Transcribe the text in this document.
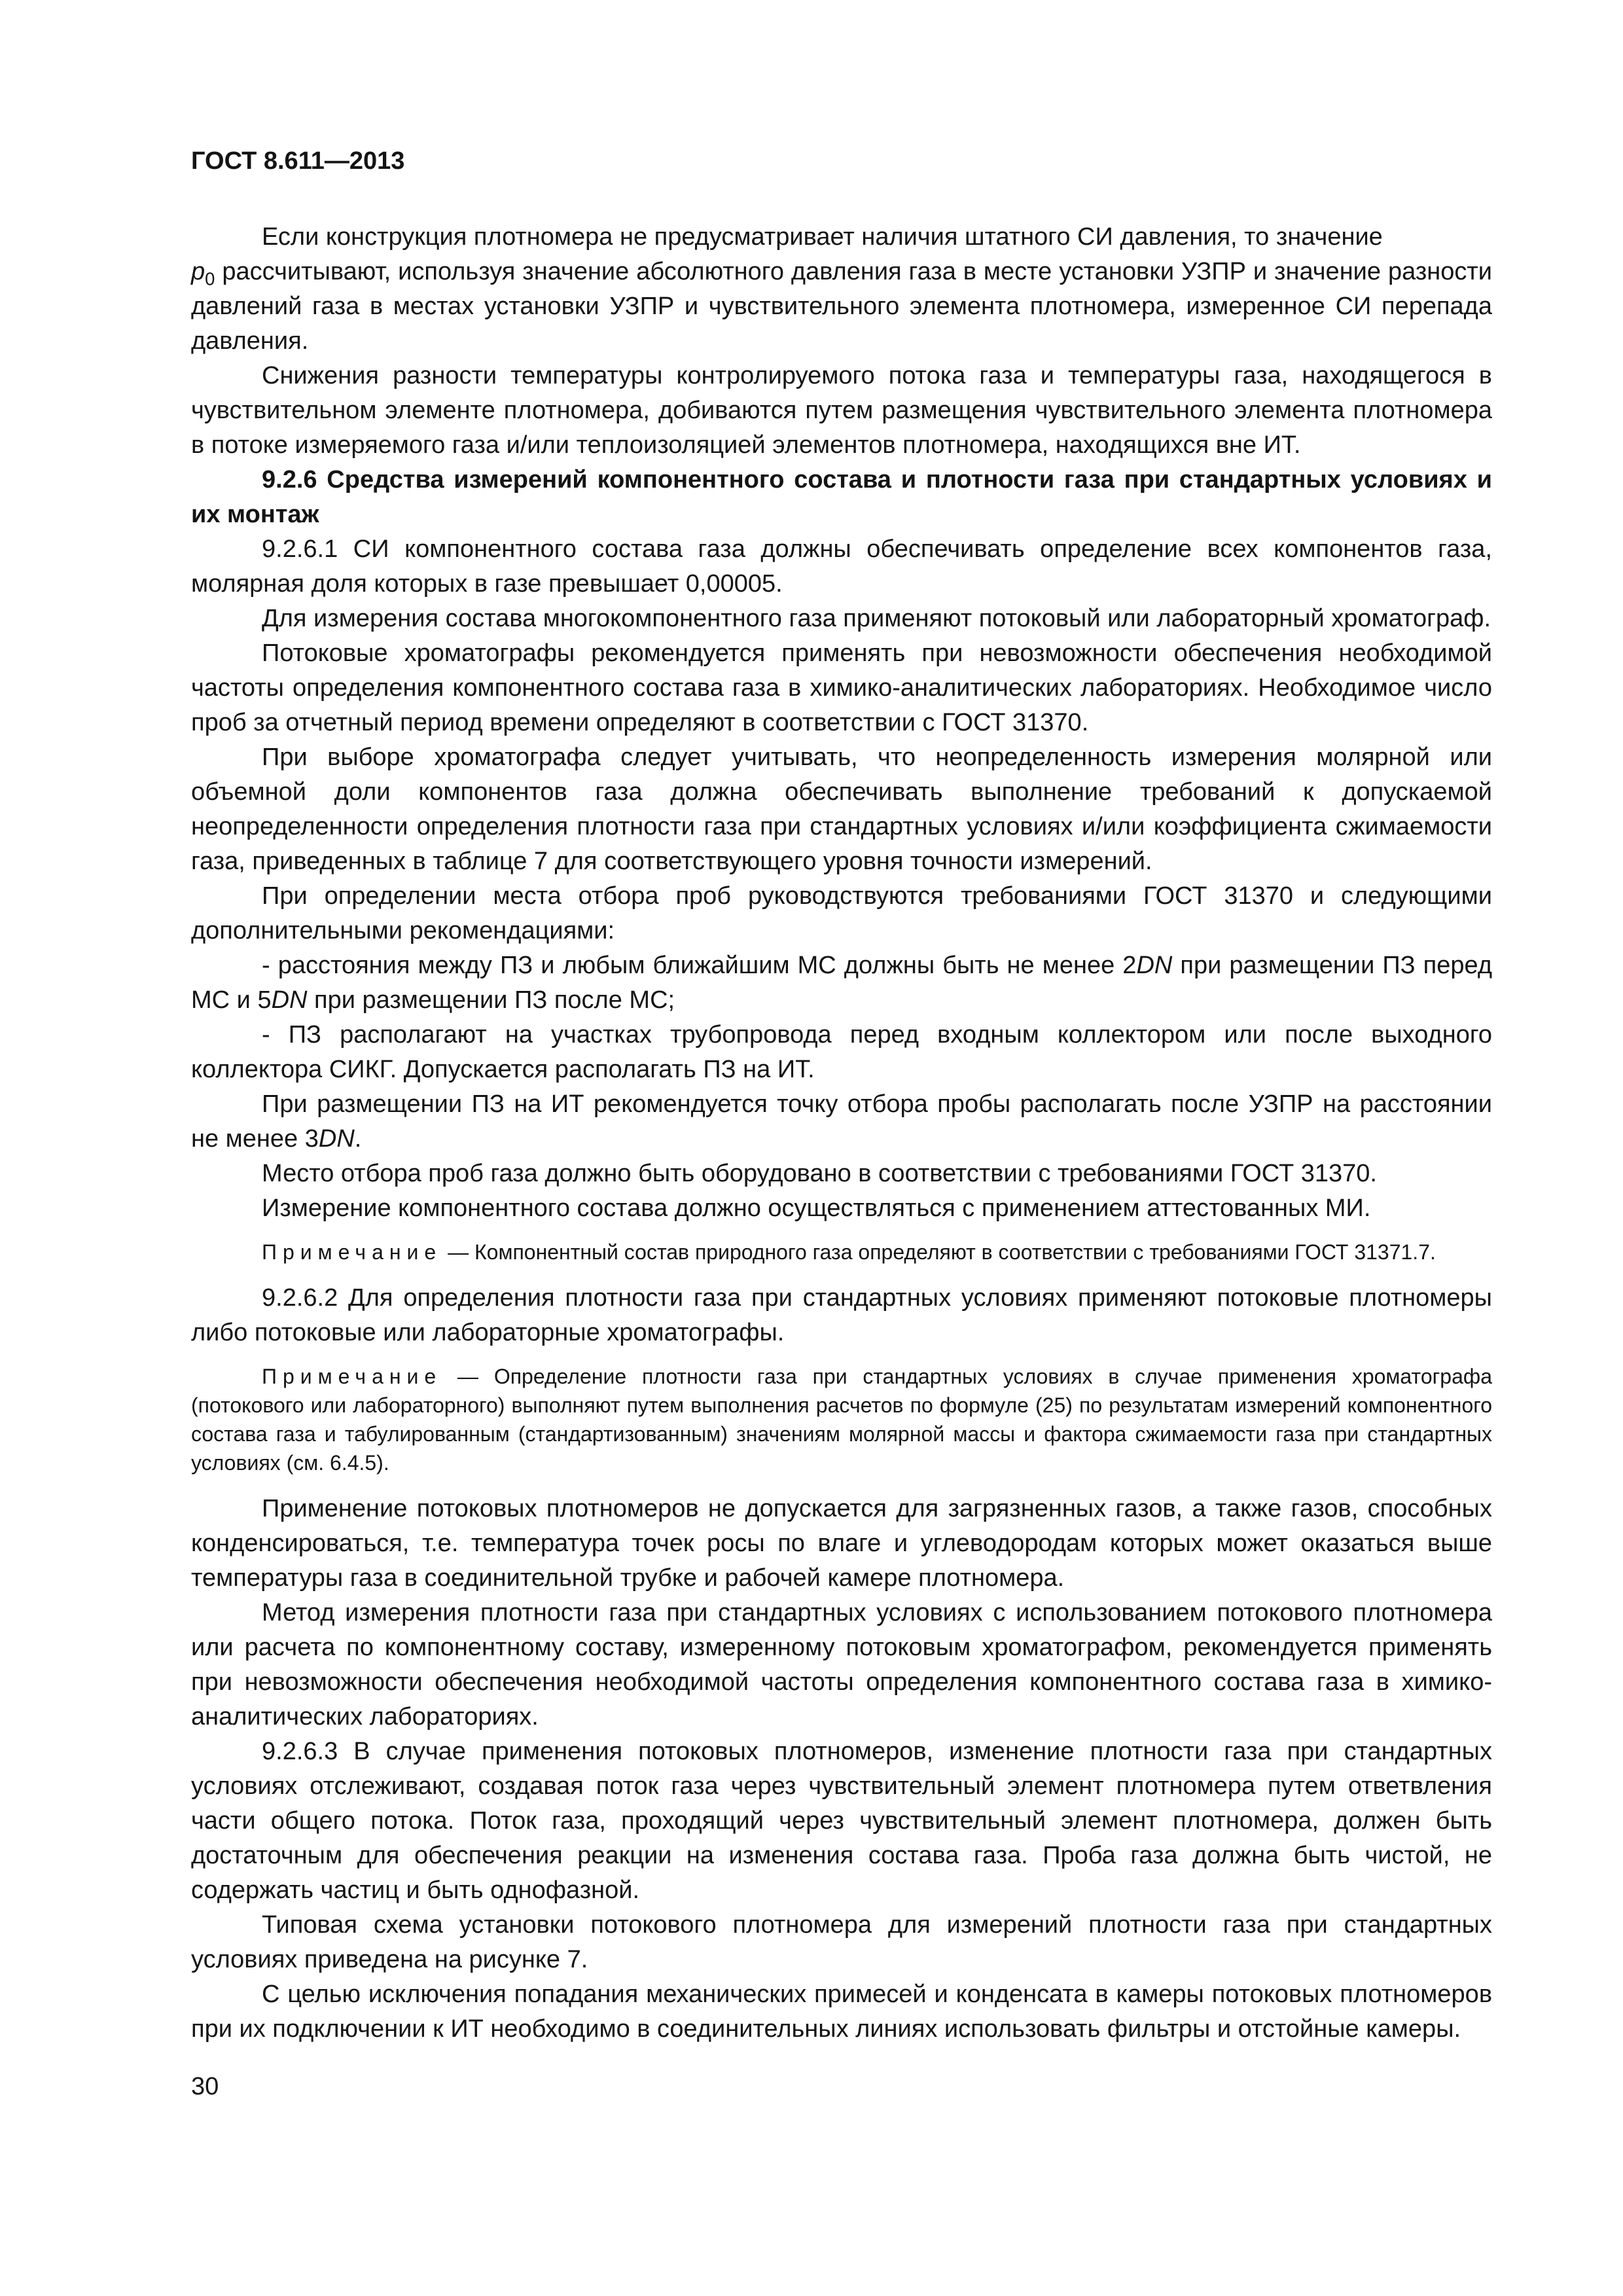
ГОСТ 8.611—2013

Если конструкция плотномера не предусматривает наличия штатного СИ давления, то значение
$p_0$ рассчитывают, используя значение абсолютного давления газа в месте установки УЗПР и значение разности давлений газа в местах установки УЗПР и чувствительного элемента плотномера, измеренное СИ перепада давления.

Снижения разности температуры контролируемого потока газа и температуры газа, находящегося в чувствительном элементе плотномера, добиваются путем размещения чувствительного элемента плотномера в потоке измеряемого газа и/или теплоизоляцией элементов плотномера, находящихся вне ИТ.

9.2.6 Средства измерений компонентного состава и плотности газа при стандартных условиях и их монтаж

9.2.6.1 СИ компонентного состава газа должны обеспечивать определение всех компонентов газа, молярная доля которых в газе превышает 0,00005.

Для измерения состава многокомпонентного газа применяют потоковый или лабораторный хроматограф.

Потоковые хроматографы рекомендуется применять при невозможности обеспечения необходимой частоты определения компонентного состава газа в химико-аналитических лабораториях. Необходимое число проб за отчетный период времени определяют в соответствии с ГОСТ 31370.

При выборе хроматографа следует учитывать, что неопределенность измерения молярной или объемной доли компонентов газа должна обеспечивать выполнение требований к допускаемой неопределенности определения плотности газа при стандартных условиях и/или коэффициента сжимаемости газа, приведенных в таблице 7 для соответствующего уровня точности измерений.

При определении места отбора проб руководствуются требованиями ГОСТ 31370 и следующими дополнительными рекомендациями:

- расстояния между ПЗ и любым ближайшим МС должны быть не менее 2DN при размещении ПЗ перед МС и 5DN при размещении ПЗ после МС;

- ПЗ располагают на участках трубопровода перед входным коллектором или после выходного коллектора СИКГ. Допускается располагать ПЗ на ИТ.

При размещении ПЗ на ИТ рекомендуется точку отбора пробы располагать после УЗПР на расстоянии не менее 3DN.

Место отбора проб газа должно быть оборудовано в соответствии с требованиями ГОСТ 31370.

Измерение компонентного состава должно осуществляться с применением аттестованных МИ.

Примечание — Компонентный состав природного газа определяют в соответствии с требованиями ГОСТ 31371.7.

9.2.6.2 Для определения плотности газа при стандартных условиях применяют потоковые плотномеры либо потоковые или лабораторные хроматографы.

Примечание — Определение плотности газа при стандартных условиях в случае применения хроматографа (потокового или лабораторного) выполняют путем выполнения расчетов по формуле (25) по результатам измерений компонентного состава газа и табулированным (стандартизованным) значениям молярной массы и фактора сжимаемости газа при стандартных условиях (см. 6.4.5).

Применение потоковых плотномеров не допускается для загрязненных газов, а также газов, способных конденсироваться, т.е. температура точек росы по влаге и углеводородам которых может оказаться выше температуры газа в соединительной трубке и рабочей камере плотномера.

Метод измерения плотности газа при стандартных условиях с использованием потокового плотномера или расчета по компонентному составу, измеренному потоковым хроматографом, рекомендуется применять при невозможности обеспечения необходимой частоты определения компонентного состава газа в химико-аналитических лабораториях.

9.2.6.3 В случае применения потоковых плотномеров, изменение плотности газа при стандартных условиях отслеживают, создавая поток газа через чувствительный элемент плотномера путем ответвления части общего потока. Поток газа, проходящий через чувствительный элемент плотномера, должен быть достаточным для обеспечения реакции на изменения состава газа. Проба газа должна быть чистой, не содержать частиц и быть однофазной.

Типовая схема установки потокового плотномера для измерений плотности газа при стандартных условиях приведена на рисунке 7.

С целью исключения попадания механических примесей и конденсата в камеры потоковых плотномеров при их подключении к ИТ необходимо в соединительных линиях использовать фильтры и отстойные камеры.

30
